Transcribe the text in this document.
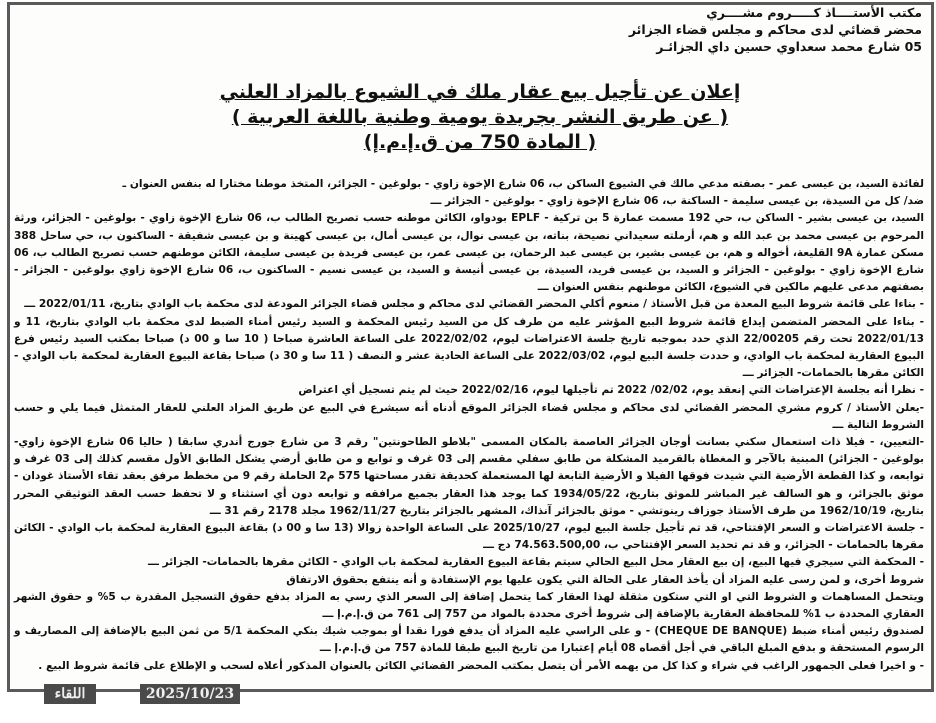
مكتب الأستــــاذ كـــــروم مشــــري
محضر قضائي لدى محاكم و مجلس قضاء الجزائر
05 شارع محمد سعداوي حسين داي الجزائـر
إعلان عن تأجيل بيع عقار ملك في الشيوع بالمزاد العلني
( عن طريق النشر بجريدة يومية وطنية باللغة العربية )
( المادة 750 من ق.إ.م.إ)

لفائدة السيد، بن عيسى عمر - بصفته مدعي مالك في الشيوع الساكن ب، 06 شارع الإخوة زاوي - بولوغين - الجزائر، المتخذ موطنا مختارا له بنفس العنوان ـ

ضد/ كل من السيدة، بن عيسى سليمة - الساكنة ب، 06 شارع الإخوة زاوي - بولوغين - الجزائر ـــ

السيد، بن عيسى بشير - الساكن ب، حي 192 مسمت عمارة 5 بن تركية - EPLF بودواو، الكائن موطنه حسب تصريح الطالب ب، 06 شارع الإخوة زاوي - بولوغين - الجزائر، ورثة المرحوم بن عيسى محمد بن عبد الله و هم، أرملته سعيداني نصيحة، بناته، بن عيسى نوال، بن عيسى أمال، بن عيسى كهينة و بن عيسى شفيقة - الساكنون ب، حي ساحل 388 مسكن عمارة 9A القليعة، أخواله و هم، بن عيسى بشير، بن عيسى عبد الرحمان، بن عيسى عمر، بن عيسى فريدة بن عيسى سليمة، الكائن موطنهم حسب تصريح الطالب ب، 06 شارع الإخوة زاوي - بولوغين - الجزائر و السيد، بن عيسى فريد، السيدة، بن عيسى أنيسة و السيد، بن عيسى نسيم - الساكنون ب، 06 شارع الإخوة زاوي بولوغين - الجزائر - بصفتهم مدعى عليهم مالكين في الشيوع، الكائن موطنهم بنفس العنوان ـــ

- بناءا على قائمة شروط البيع المعدة من قبل الأستاذ / منعوم أكلي المحضر القضائي لدى محاكم و مجلس قضاء الجزائر المودعة لدى محكمة باب الوادي بتاريخ، 2022/01/11 ـــ

- بناءا على المحضر المتضمن إيداع قائمة شروط البيع المؤشر عليه من طرف كل من السيد رئيس المحكمة و السيد رئيس أمناء الضبط لدى محكمة باب الوادي بتاريخ، 11 و 2022/01/13 تحت رقم 22/00205 الذي حدد بموجبه تاريخ جلسة الاعتراضات ليوم، 2022/02/02 على الساعة العاشرة صباحا ( 10 سا و 00 د) صباحا بمكتب السيد رئيس فرع البيوع العقارية لمحكمة باب الوادي، و حددت جلسة البيع ليوم، 2022/03/02 على الساعة الحادية عشر و النصف ( 11 سا و 30 د) صباحا بقاعة البيوع العقارية لمحكمة باب الوادي - الكائن مقرها بالحمامات- الجزائر ـــ

- نظرا أنه بجلسة الإعتراضات التي إنعقد يوم، 02/02/ 2022 تم تأجيلها ليوم، 2022/02/16 حيث لم يتم تسجيل أي اعتراض

-يعلن الأستاذ / كروم مشري المحضر القضائي لدى محاكم و مجلس قضاء الجزائر الموقع أدناه أنه سيشرع في البيع عن طريق المزاد العلني للعقار المتمثل فيما يلي و حسب الشروط التالية ـــ

-التعيين، - فيلا ذات استعمال سكني بسانت أوجان الجزائر العاصمة بالمكان المسمى "بلاطو الطاحونتين" رقم 3 من شارع جورج أندري سابقا ( حاليا 06 شارع الإخوة زاوي- بولوغين - الجزائر) المبنية بالآجر و المغطاة بالقرميد المشكلة من طابق سفلي مقسم إلى 03 غرف و توابع و من طابق أرضي يشكل الطابق الأول مقسم كذلك إلى 03 غرف و توابعه، و كذا القطعة الأرضية التي شيدت فوقها الفيلا و الأرضية التابعة لها المستعملة كحديقة تقدر مساحتها 575 م2 الحاملة رقم 9 من مخطط مرفق بعقد تقاء الأستاذ غودان - موثق بالجزائر، و هو السالف غير المباشر للموثق بتاريخ، 1934/05/22 كما يوجد هذا العقار بجميع مرافقه و توابعه دون أي استثناء و لا تحفظ حسب العقد التوثيقي المحرر بتاريخ، 1962/10/19 من طرف الأستاذ جوزاف رينوتشي - موثق بالجزائر آنذاك، المشهر بالجزائر بتاريخ 1962/11/27 مجلد 2178 رقم 31 ـــ

- جلسة الاعتراضات و السعر الإفتتاحي، قد تم تأجيل جلسة البيع ليوم، 2025/10/27 على الساعة الواحدة زوالا (13 سا و 00 د) بقاعة البيوع العقارية لمحكمة باب الوادي - الكائن مقرها بالحمامات - الجزائر، و قد تم تحديد السعر الإفتتاحي ب، 74.563.500,00 دج ـــ

- المحكمة التي سيجري فيها البيع، إن بيع العقار محل البيع الحالي سيتم بقاعة البيوع العقارية لمحكمة باب الوادي - الكائن مقرها بالحمامات- الجزائر ـــ

شروط أخرى، و لمن رسى عليه المزاد أن يأخذ العقار على الحالة التي يكون عليها يوم الإستفادة و أنه ينتفع بحقوق الارتفاق

ويتحمل المساهمات و الشروط التي او التي ستكون مثقلة لهذا العقار كما يتحمل إضافة إلى السعر الذي رسي به المزاد بدفع حقوق التسجيل المقدرة ب 5% و حقوق الشهر العقاري المحددة ب 1% للمحافظة العقارية بالإضافة إلى شروط أخرى محددة بالمواد من 757 إلى 761 من ق.إ.م.إ ـــ

لصندوق رئيس أمناء ضبط (CHEQUE DE BANQUE) - و على الراسي عليه المزاد أن يدفع فورا نقدا أو بموجب شيك بنكي المحكمة 5/1 من ثمن البيع بالإضافة إلى المصاريف و الرسوم المستحقة و بدفع المبلغ الباقي في أجل أقصاه 08 أيام إعتبارا من تاريخ البيع طبقا للمادة 757 من ق.إ.م.إ ـــ

- و اخيرا فعلى الجمهور الراغب في شراء و كذا كل من يهمه الأمر أن يتصل بمكتب المحضر القضائي الكائن بالعنوان المذكور أعلاه لسحب و الإطلاع على قائمة شروط البيع .

اللقاء	2025/10/23
